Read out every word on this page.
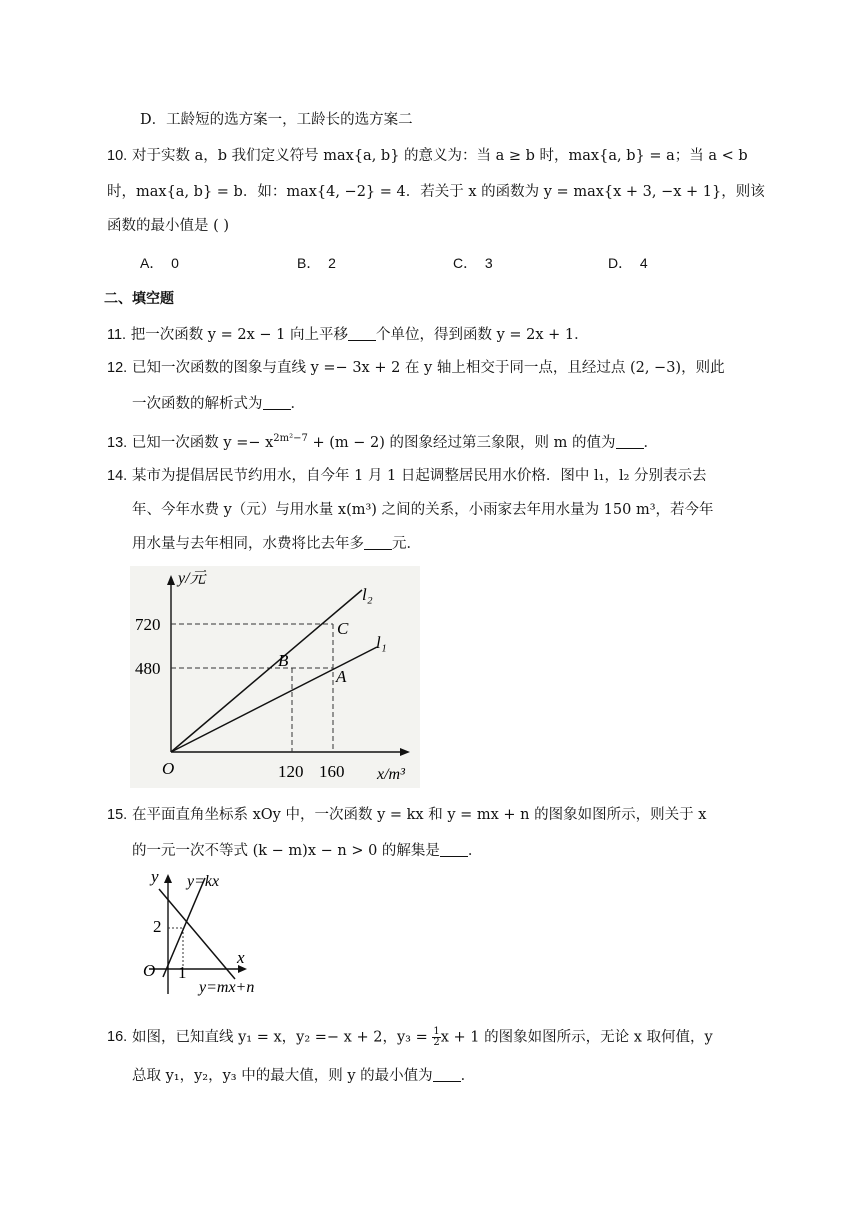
D．工龄短的选方案一，工龄长的选方案二
10. 对于实数 a，b 我们定义符号 max{a, b} 的意义为：当 a ≥ b 时，max{a, b} = a；当 a < b
时，max{a, b} = b．如：max{4, −2} = 4．若关于 x 的函数为 y = max{x + 3, −x + 1}，则该
函数的最小值是 ( )
A． 0	B． 2	C． 3	D． 4
二、填空题
11. 把一次函数 y = 2x − 1 向上平移 个单位，得到函数 y = 2x + 1．
12. 已知一次函数的图象与直线 y =− 3x + 2 在 y 轴上相交于同一点，且经过点 (2, −3)，则此
一次函数的解析式为 ．
13. 已知一次函数 $y =- x^{2m^2-7} + (m - 2)$ 的图象经过第三象限，则 m 的值为 ．
14. 某市为提倡居民节约用水，自今年 1 月 1 日起调整居民用水价格．图中 l₁，l₂ 分别表示去
年、今年水费 y（元）与用水量 x(m³) 之间的关系，小雨家去年用水量为 150 m³，若今年
用水量与去年相同，水费将比去年多 元．
y/元
x/m³
O
720
480
120 160
A
B
C
l₂
l₁
15. 在平面直角坐标系 xOy 中，一次函数 y = kx 和 y = mx + n 的图象如图所示，则关于 x
的一元一次不等式 (k − m)x − n > 0 的解集是 ．
y
x
2
O 1
y=kx
y=mx+n
16. 如图，已知直线 y₁ = x，y₂ =− x + 2，$y_3 = \frac{1}{2}$ x + 1 的图象如图所示，无论 x 取何值，y
总取 y₁，y₂，y₃ 中的最大值，则 y 的最小值为 ．
